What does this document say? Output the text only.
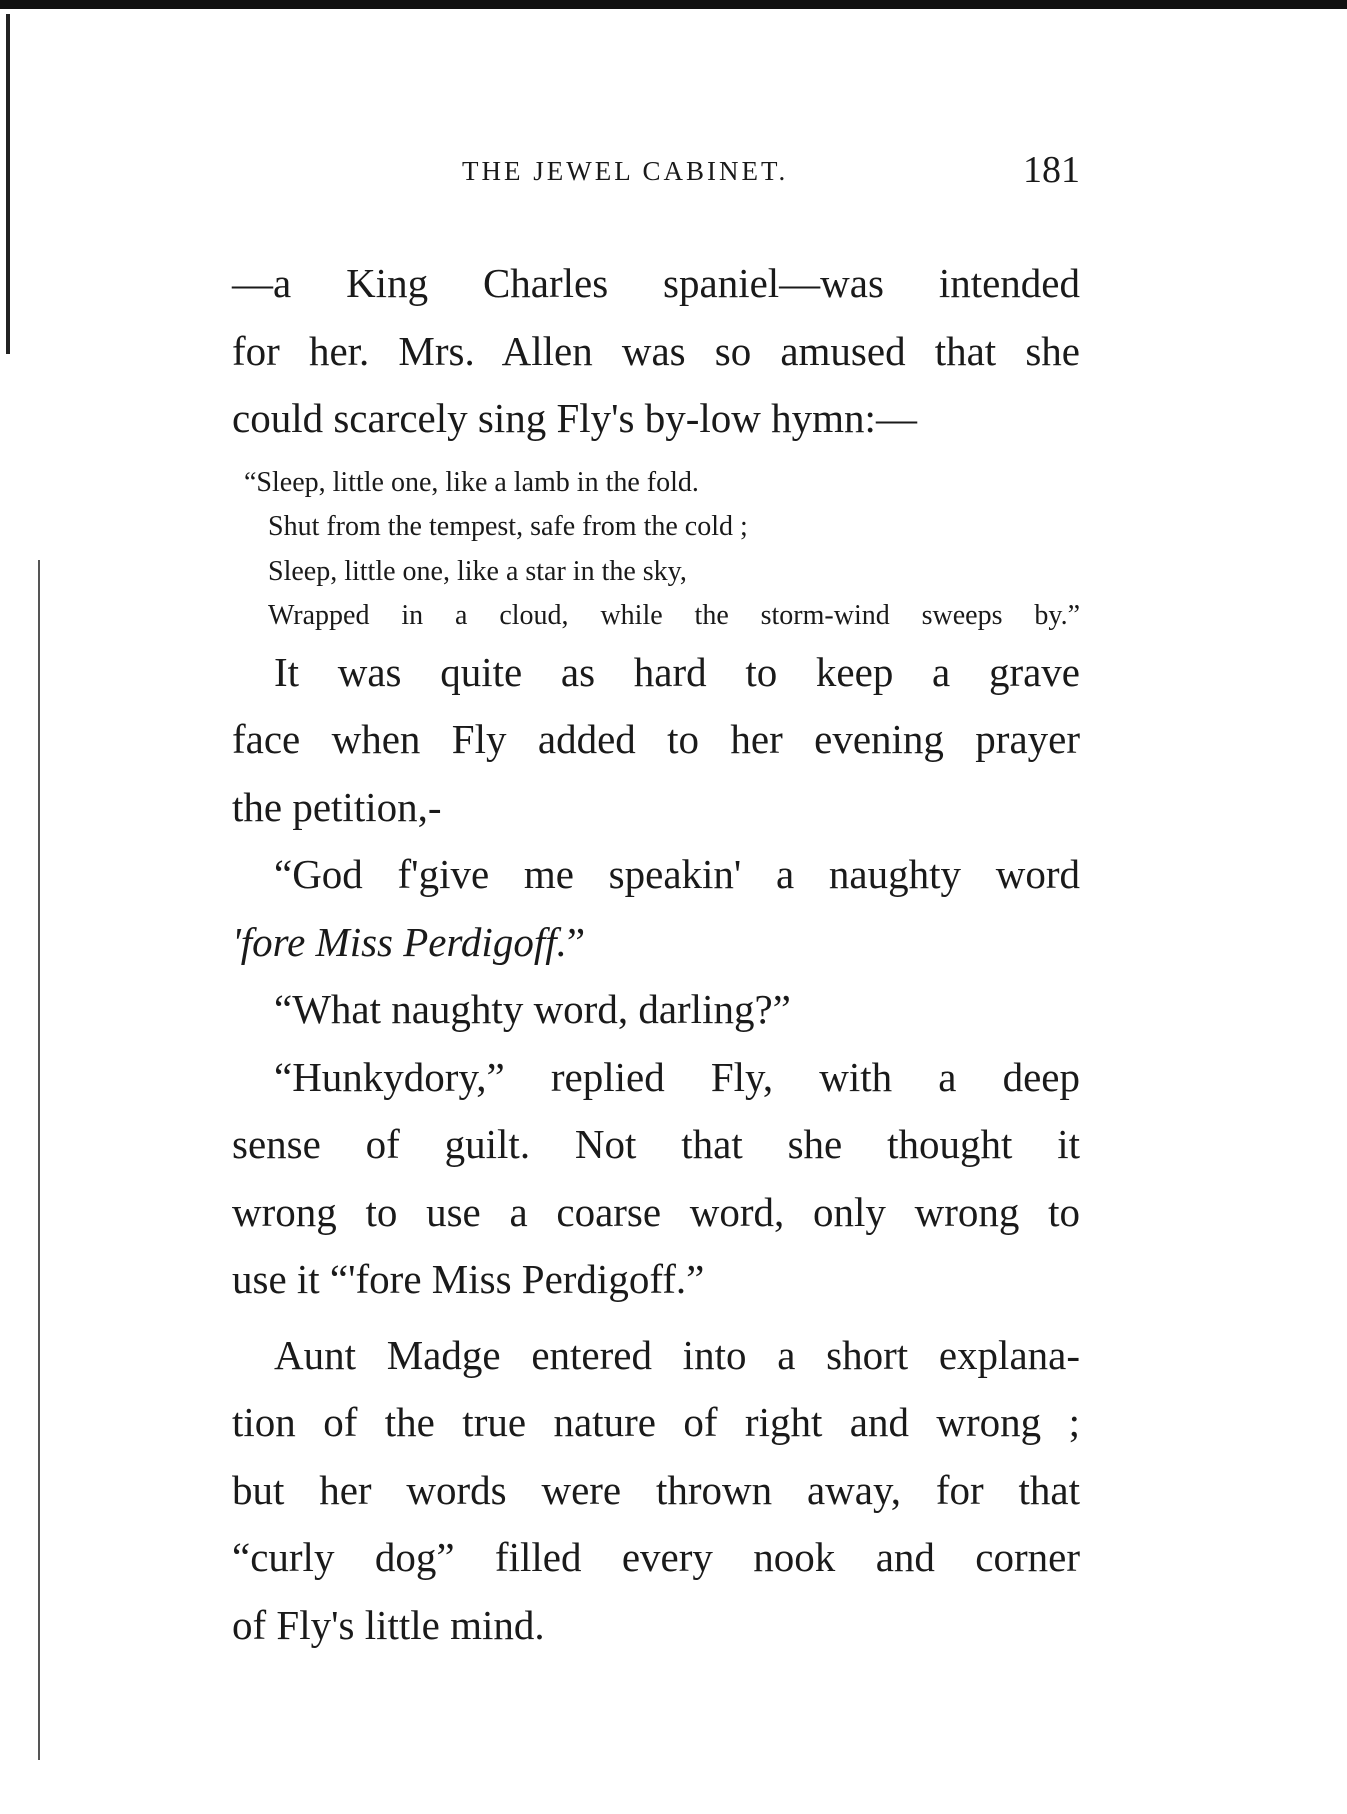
THE JEWEL CABINET.	181
—a King Charles spaniel—was intended
for her. Mrs. Allen was so amused that she
could scarcely sing Fly's by-low hymn:—
“Sleep, little one, like a lamb in the fold.
Shut from the tempest, safe from the cold ;
Sleep, little one, like a star in the sky,
Wrapped in a cloud, while the storm-wind sweeps by.”
It was quite as hard to keep a grave
face when Fly added to her evening prayer
the petition,-
“God f'give me speakin' a naughty word
'fore Miss Perdigoff.”
“What naughty word, darling?”
“Hunkydory,” replied Fly, with a deep
sense of guilt. Not that she thought it
wrong to use a coarse word, only wrong to
use it “'fore Miss Perdigoff.”
Aunt Madge entered into a short explana-
tion of the true nature of right and wrong ;
but her words were thrown away, for that
“curly dog” filled every nook and corner
of Fly's little mind.
